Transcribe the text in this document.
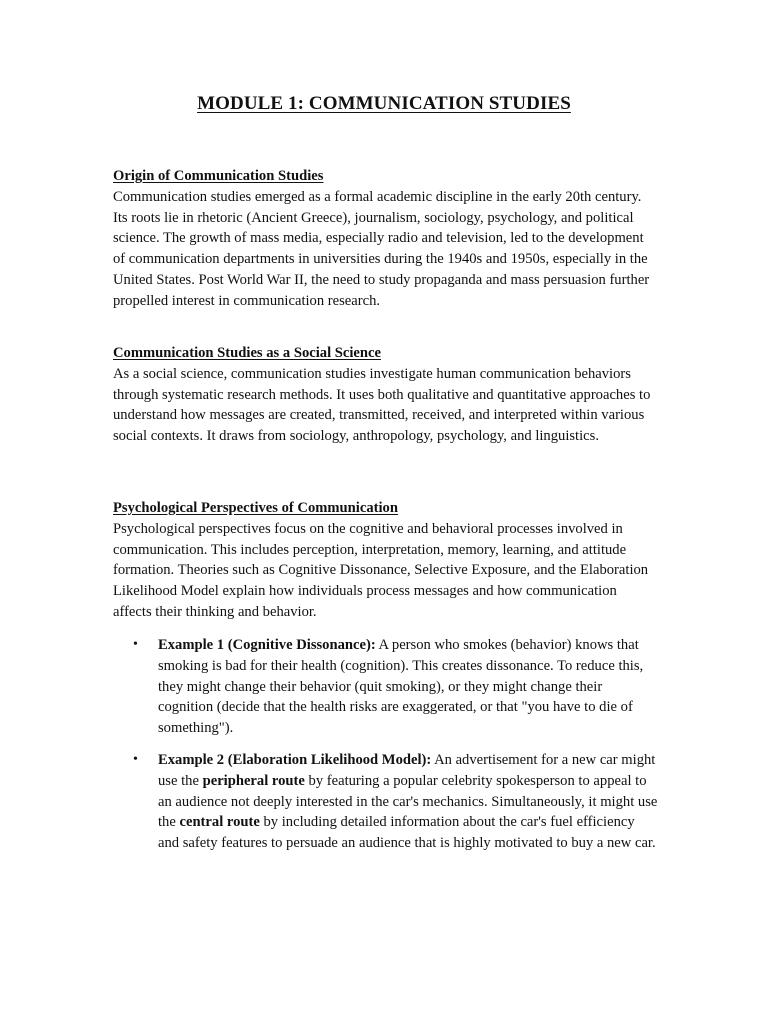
MODULE 1: COMMUNICATION STUDIES
Origin of Communication Studies

Communication studies emerged as a formal academic discipline in the early 20th century. Its roots lie in rhetoric (Ancient Greece), journalism, sociology, psychology, and political science. The growth of mass media, especially radio and television, led to the development of communication departments in universities during the 1940s and 1950s, especially in the United States. Post World War II, the need to study propaganda and mass persuasion further propelled interest in communication research.

Communication Studies as a Social Science

As a social science, communication studies investigate human communication behaviors through systematic research methods. It uses both qualitative and quantitative approaches to understand how messages are created, transmitted, received, and interpreted within various social contexts. It draws from sociology, anthropology, psychology, and linguistics.

Psychological Perspectives of Communication

Psychological perspectives focus on the cognitive and behavioral processes involved in communication. This includes perception, interpretation, memory, learning, and attitude formation. Theories such as Cognitive Dissonance, Selective Exposure, and the Elaboration Likelihood Model explain how individuals process messages and how communication affects their thinking and behavior.

• Example 1 (Cognitive Dissonance): A person who smokes (behavior) knows that smoking is bad for their health (cognition). This creates dissonance. To reduce this, they might change their behavior (quit smoking), or they might change their cognition (decide that the health risks are exaggerated, or that "you have to die of something").
• Example 2 (Elaboration Likelihood Model): An advertisement for a new car might use the peripheral route by featuring a popular celebrity spokesperson to appeal to an audience not deeply interested in the car's mechanics. Simultaneously, it might use the central route by including detailed information about the car's fuel efficiency and safety features to persuade an audience that is highly motivated to buy a new car.
